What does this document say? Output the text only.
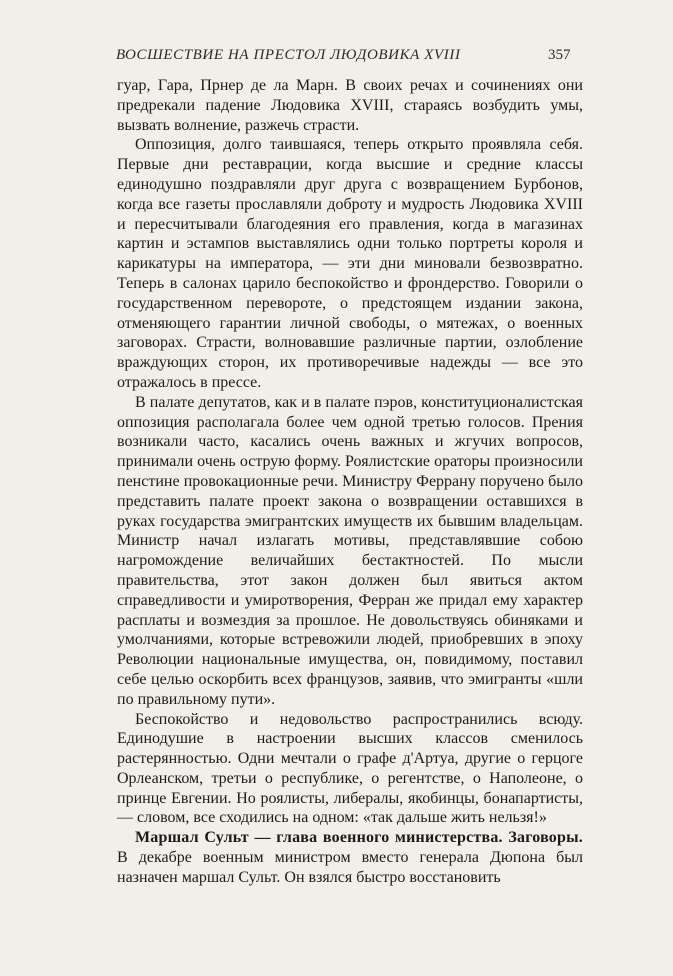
ВОСШЕСТВИЕ НА ПРЕСТОЛ ЛЮДОВИКА XVIII	357

гуар, Гара, Прнер де ла Марн. В своих речах и сочинениях они предрекали падение Людовика XVIII, стараясь возбудить умы, вызвать волнение, разжечь страсти.

Оппозиция, долго таившаяся, теперь открыто проявляла себя. Первые дни реставрации, когда высшие и средние классы единодушно поздравляли друг друга с возвращением Бурбонов, когда все газеты прославляли доброту и мудрость Людовика XVIII и пересчитывали благодеяния его правления, когда в магазинах картин и эстампов выставлялись одни только портреты короля и карикатуры на императора, — эти дни миновали безвозвратно. Теперь в салонах царило беспокойство и фрондерство. Говорили о государственном перевороте, о предстоящем издании закона, отменяющего гарантии личной свободы, о мятежах, о военных заговорах. Страсти, волновавшие различные партии, озлобление враждующих сторон, их противоречивые надежды — все это отражалось в прессе.

В палате депутатов, как и в палате пэров, конституционалистская оппозиция располагала более чем одной третью голосов. Прения возникали часто, касались очень важных и жгучих вопросов, принимали очень острую форму. Роялистские ораторы произносили пенстине провокационные речи. Министру Феррану поручено было представить палате проект закона о возвращении оставшихся в руках государства эмигрантских имуществ их бывшим владельцам. Министр начал излагать мотивы, представлявшие собою нагромождение величайших бестактностей. По мысли правительства, этот закон должен был явиться актом справедливости и умиротворения, Ферран же придал ему характер расплаты и возмездия за прошлое. Не довольствуясь обиняками и умолчаниями, которые встревожили людей, приобревших в эпоху Революции национальные имущества, он, повидимому, поставил себе целью оскорбить всех французов, заявив, что эмигранты «шли по правильному пути».

Беспокойство и недовольство распространились всюду. Единодушие в настроении высших классов сменилось растерянностью. Одни мечтали о графе д'Артуа, другие о герцоге Орлеанском, третьи о республике, о регентстве, о Наполеоне, о принце Евгении. Но роялисты, либералы, якобинцы, бонапартисты, — словом, все сходились на одном: «так дальше жить нельзя!»

Маршал Сульт — глава военного министерства. Заговоры. В декабре военным министром вместо генерала Дюпона был назначен маршал Сульт. Он взялся быстро восстановить
